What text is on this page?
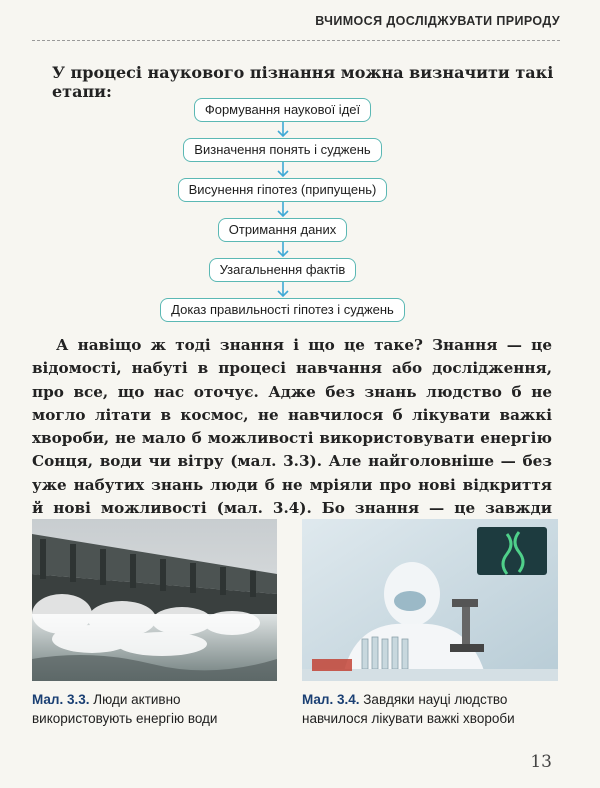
ВЧИМОСЯ ДОСЛІДЖУВАТИ ПРИРОДУ
У процесі наукового пізнання можна визначити такі етапи:
Формування наукової ідеї
Визначення понять і суджень
Висунення гіпотез (припущень)
Отримання даних
Узагальнення фактів
Доказ правильності гіпотез і суджень

А навіщо ж тоді знання і що це таке? Знання — це відомості, набуті в процесі навчання або дослідження, про все, що нас оточує. Адже без знань людство б не могло літати в космос, не навчилося б лікувати важкі хвороби, не мало б можливості використовувати енергію Сонця, води чи вітру (мал. 3.3). Але найголовніше — без уже набутих знань люди б не мріяли про нові відкриття й нові можливості (мал. 3.4). Бо знання — це завжди

Мал. 3.3. Люди активно використовують енергію води
Мал. 3.4. Завдяки науці людство навчилося лікувати важкі хвороби
13
